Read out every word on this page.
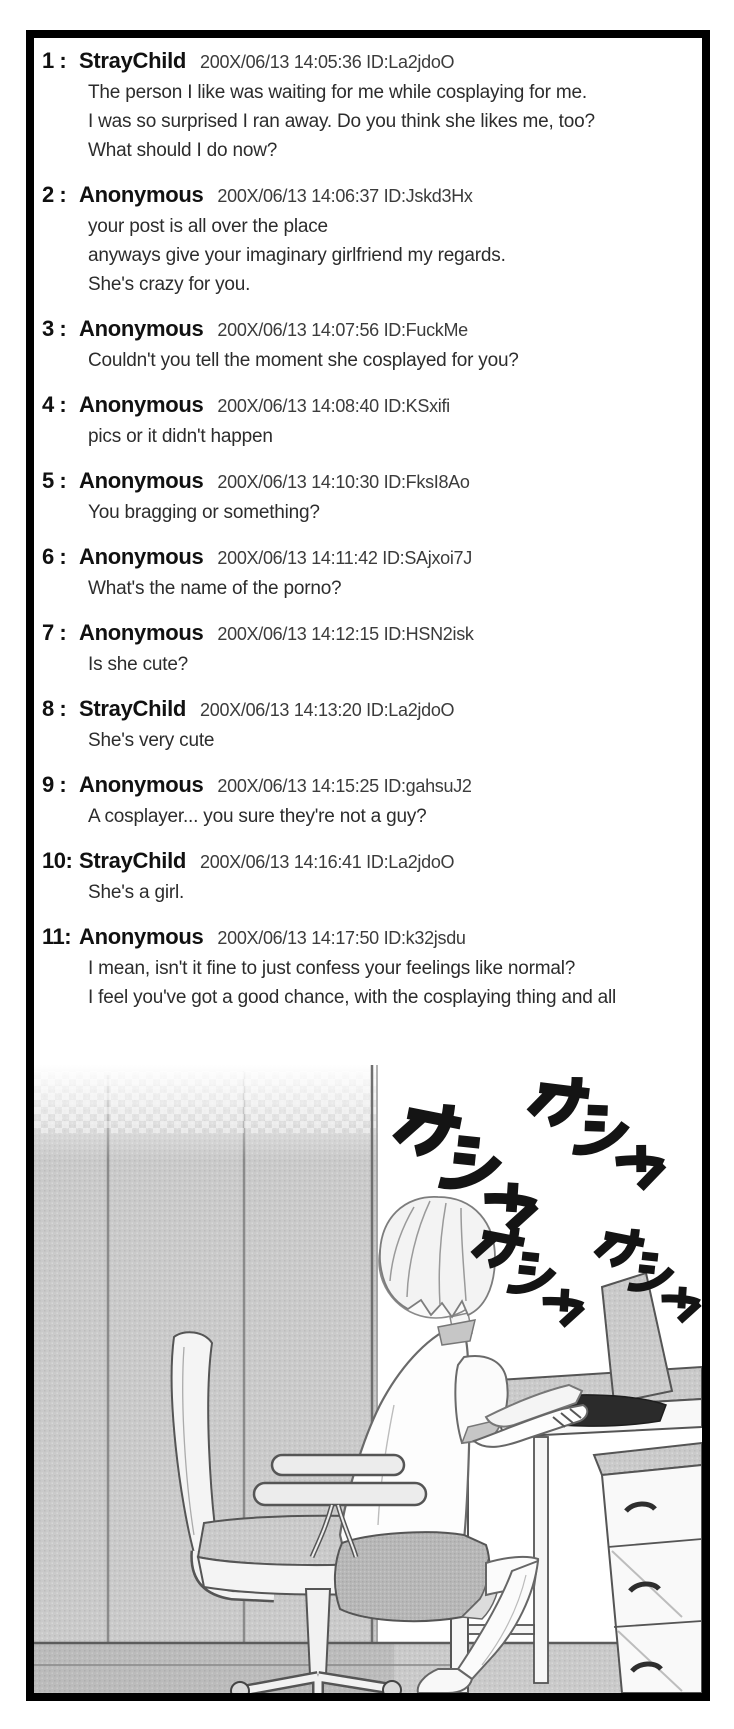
1 : StrayChild 200X/06/13 14:05:36 ID:La2jdoO
The person I like was waiting for me while cosplaying for me.
I was so surprised I ran away. Do you think she likes me, too?
What should I do now?
2 : Anonymous 200X/06/13 14:06:37 ID:Jskd3Hx
your post is all over the place
anyways give your imaginary girlfriend my regards.
She's crazy for you.
3 : Anonymous 200X/06/13 14:07:56 ID:FuckMe
Couldn't you tell the moment she cosplayed for you?
4 : Anonymous 200X/06/13 14:08:40 ID:KSxifi
pics or it didn't happen
5 : Anonymous 200X/06/13 14:10:30 ID:FksI8Ao
You bragging or something?
6 : Anonymous 200X/06/13 14:11:42 ID:SAjxoi7J
What's the name of the porno?
7 : Anonymous 200X/06/13 14:12:15 ID:HSN2isk
Is she cute?
8 : StrayChild 200X/06/13 14:13:20 ID:La2jdoO
She's very cute
9 : Anonymous 200X/06/13 14:15:25 ID:gahsuJ2
A cosplayer... you sure they're not a guy?
10: StrayChild 200X/06/13 14:16:41 ID:La2jdoO
She's a girl.
11: Anonymous 200X/06/13 14:17:50 ID:k32jsdu
I mean, isn't it fine to just confess your feelings like normal?
I feel you've got a good chance, with the cosplaying thing and all
